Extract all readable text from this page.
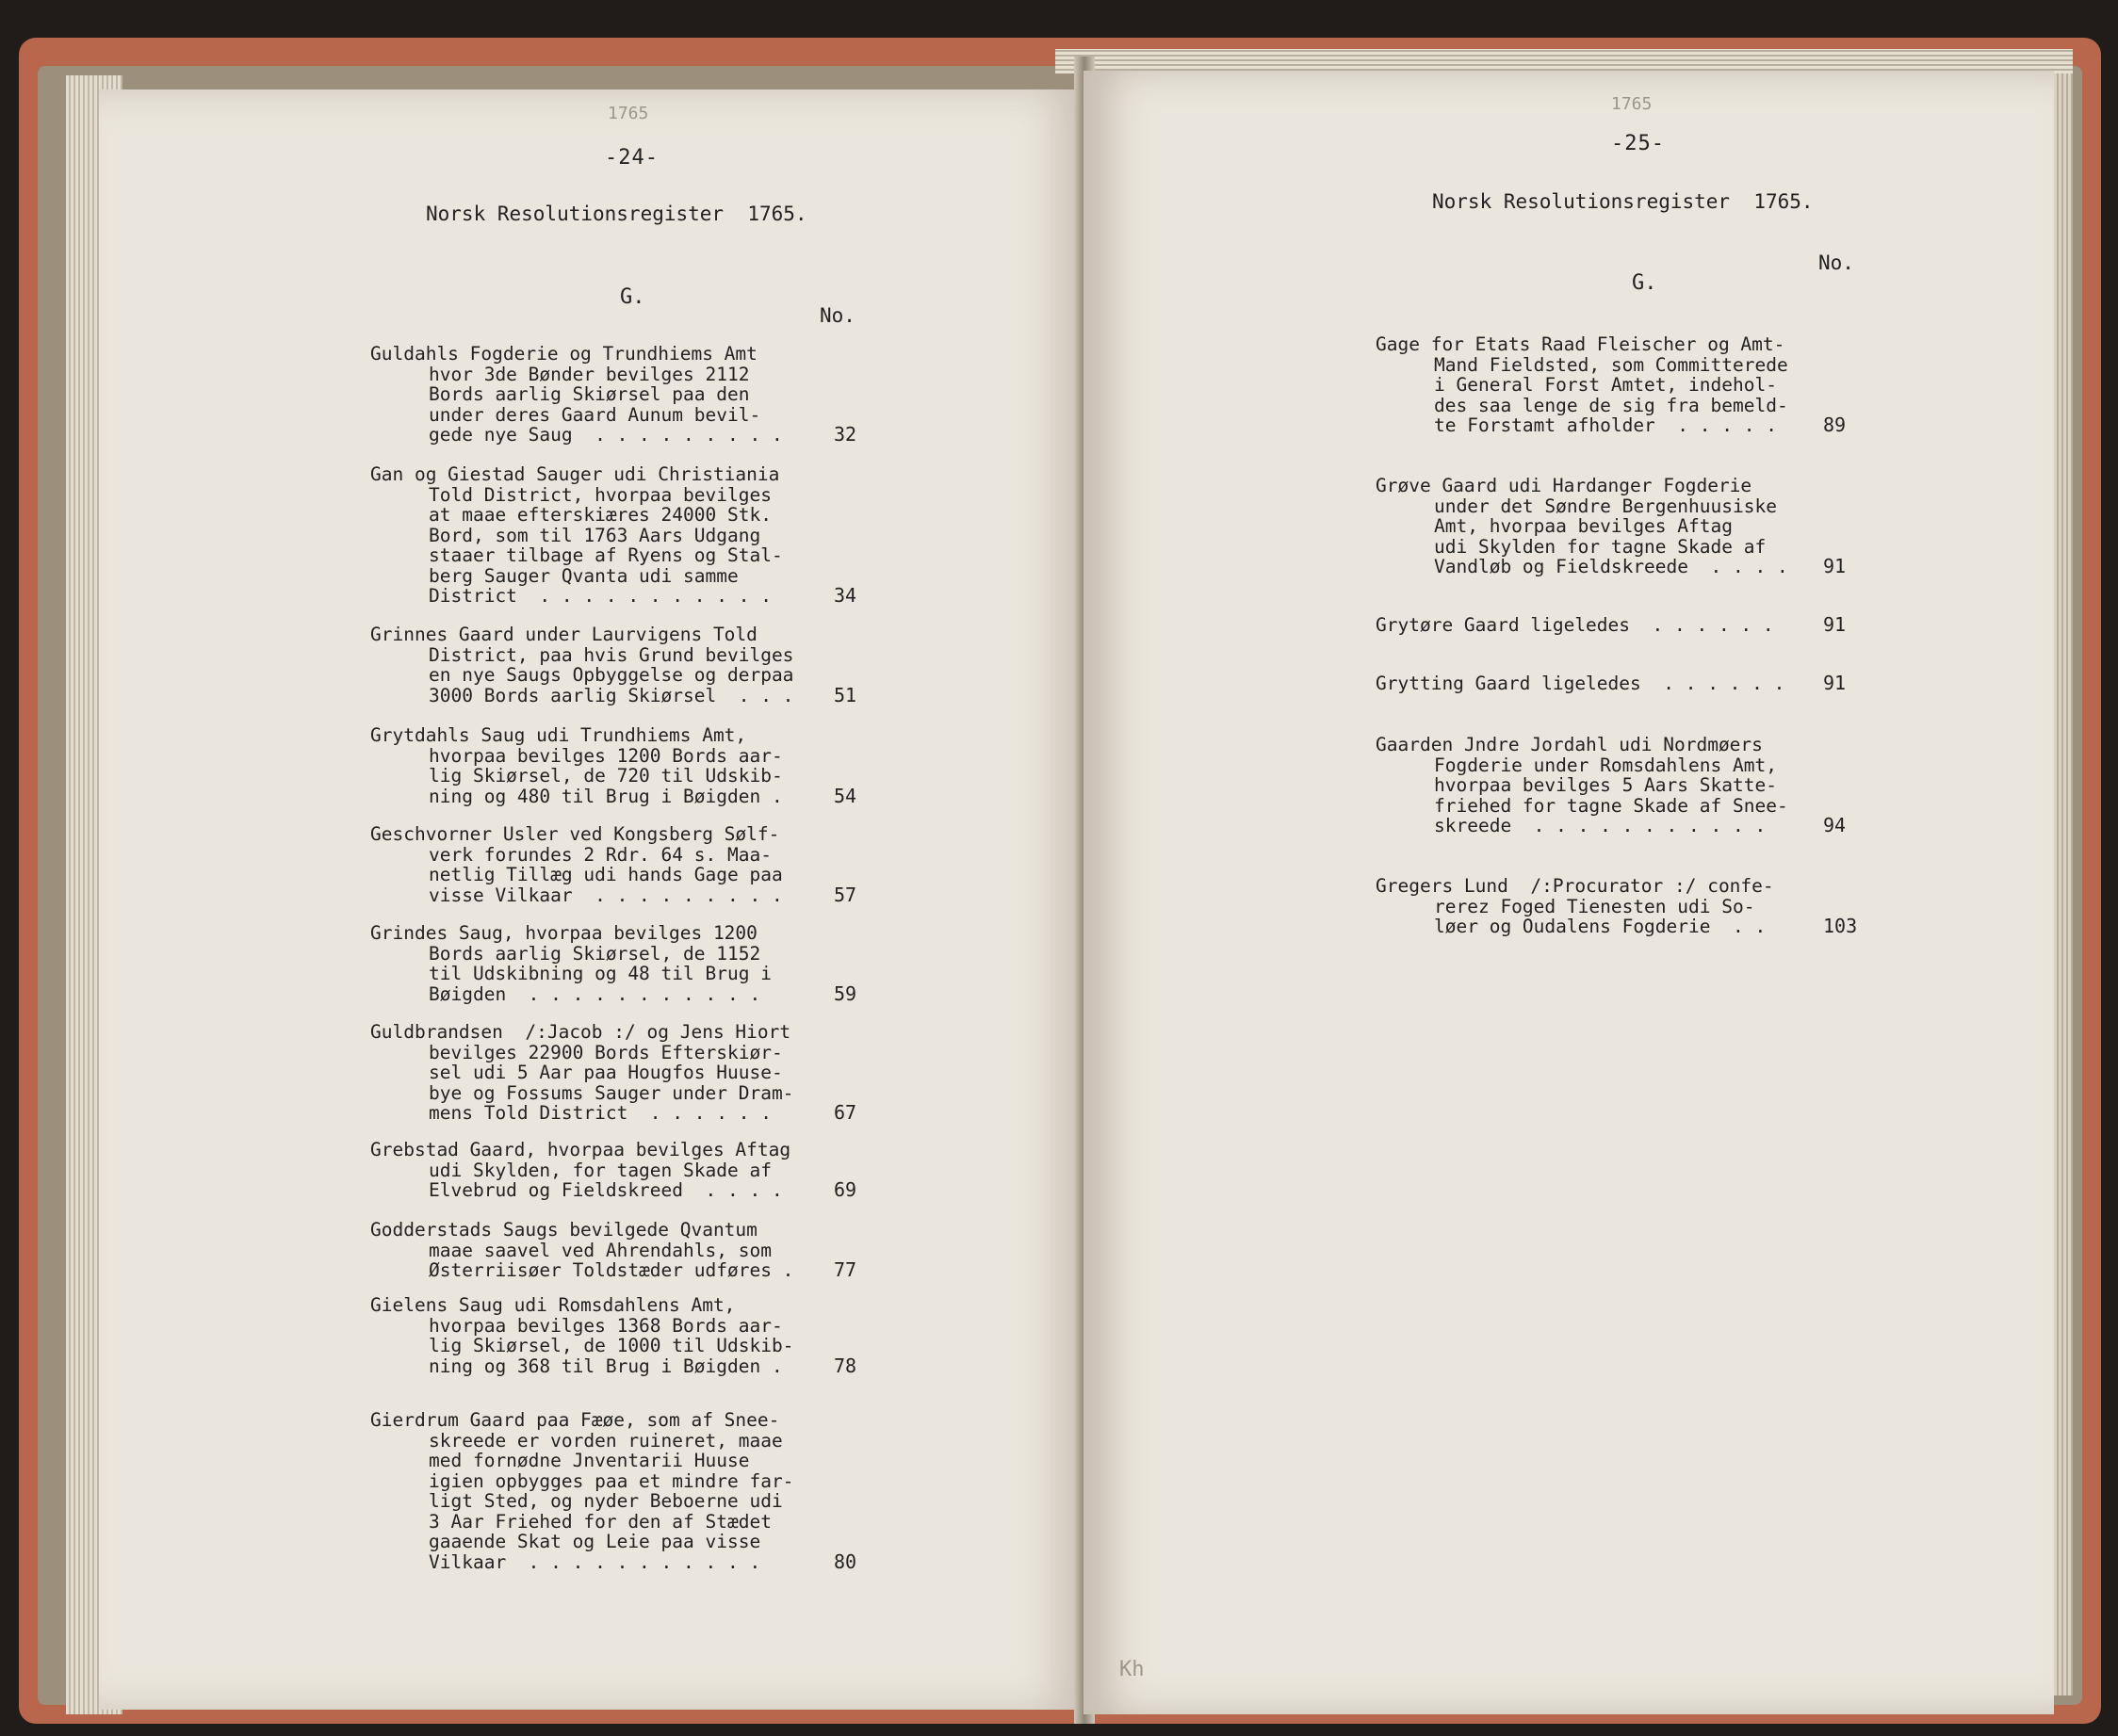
1765
-24-
Norsk Resolutionsregister  1765.
G.
No.
Guldahls Fogderie og Trundhiems Amt
hvor 3de Bønder bevilges 2112
Bords aarlig Skiørsel paa den
under deres Gaard Aunum bevil-
gede nye Saug  . . . . . . . . .	32
Gan og Giestad Sauger udi Christiania
Told District, hvorpaa bevilges
at maae efterskiæres 24000 Stk.
Bord, som til 1763 Aars Udgang
staaer tilbage af Ryens og Stal-
berg Sauger Qvanta udi samme
District  . . . . . . . . . . .	34
Grinnes Gaard under Laurvigens Told
District, paa hvis Grund bevilges
en nye Saugs Opbyggelse og derpaa
3000 Bords aarlig Skiørsel  . . . 51
Grytdahls Saug udi Trundhiems Amt,
hvorpaa bevilges 1200 Bords aar-
lig Skiørsel, de 720 til Udskib-
ning og 480 til Brug i Bøigden .	54
Geschvorner Usler ved Kongsberg Sølf-
verk forundes 2 Rdr. 64 s. Maa-
netlig Tillæg udi hands Gage paa
visse Vilkaar  . . . . . . . . .	57
Grindes Saug, hvorpaa bevilges 1200
Bords aarlig Skiørsel, de 1152
til Udskibning og 48 til Brug i
Bøigden  . . . . . . . . . . .	59
Guldbrandsen  /:Jacob :/ og Jens Hiort
bevilges 22900 Bords Efterskiør-
sel udi 5 Aar paa Hougfos Huuse-
bye og Fossums Sauger under Dram-
mens Told District  . . . . . .	67
Grebstad Gaard, hvorpaa bevilges Aftag
udi Skylden, for tagen Skade af
Elvebrud og Fieldskreed  . . . .	69
Godderstads Saugs bevilgede Qvantum
maae saavel ved Ahrendahls, som
Østerriisøer Toldstæder udføres . 77
Gielens Saug udi Romsdahlens Amt,
hvorpaa bevilges 1368 Bords aar-
lig Skiørsel, de 1000 til Udskib-
ning og 368 til Brug i Bøigden .	78
Gierdrum Gaard paa Fæøe, som af Snee-
skreede er vorden ruineret, maae
med fornødne Jnventarii Huuse
igien opbygges paa et mindre far-
ligt Sted, og nyder Beboerne udi
3 Aar Friehed for den af Stædet
gaaende Skat og Leie paa visse
Vilkaar  . . . . . . . . . . .	80
1765
-25-
Norsk Resolutionsregister  1765.
No.
G.
Gage for Etats Raad Fleischer og Amt-
Mand Fieldsted, som Committerede
i General Forst Amtet, indehol-
des saa lenge de sig fra bemeld-
te Forstamt afholder  . . . . .	89
Grøve Gaard udi Hardanger Fogderie
under det Søndre Bergenhuusiske
Amt, hvorpaa bevilges Aftag
udi Skylden for tagne Skade af
Vandløb og Fieldskreede  . . . . 91
Grytøre Gaard ligeledes  . . . . . .	91
Grytting Gaard ligeledes  . . . . . . 91
Gaarden Jndre Jordahl udi Nordmøers
Fogderie under Romsdahlens Amt,
hvorpaa bevilges 5 Aars Skatte-
friehed for tagne Skade af Snee-
skreede  . . . . . . . . . . .	94
Gregers Lund  /:Procurator :/ confe-
rerez Foged Tienesten udi So-
løer og Oudalens Fogderie  . .	103
Kh
